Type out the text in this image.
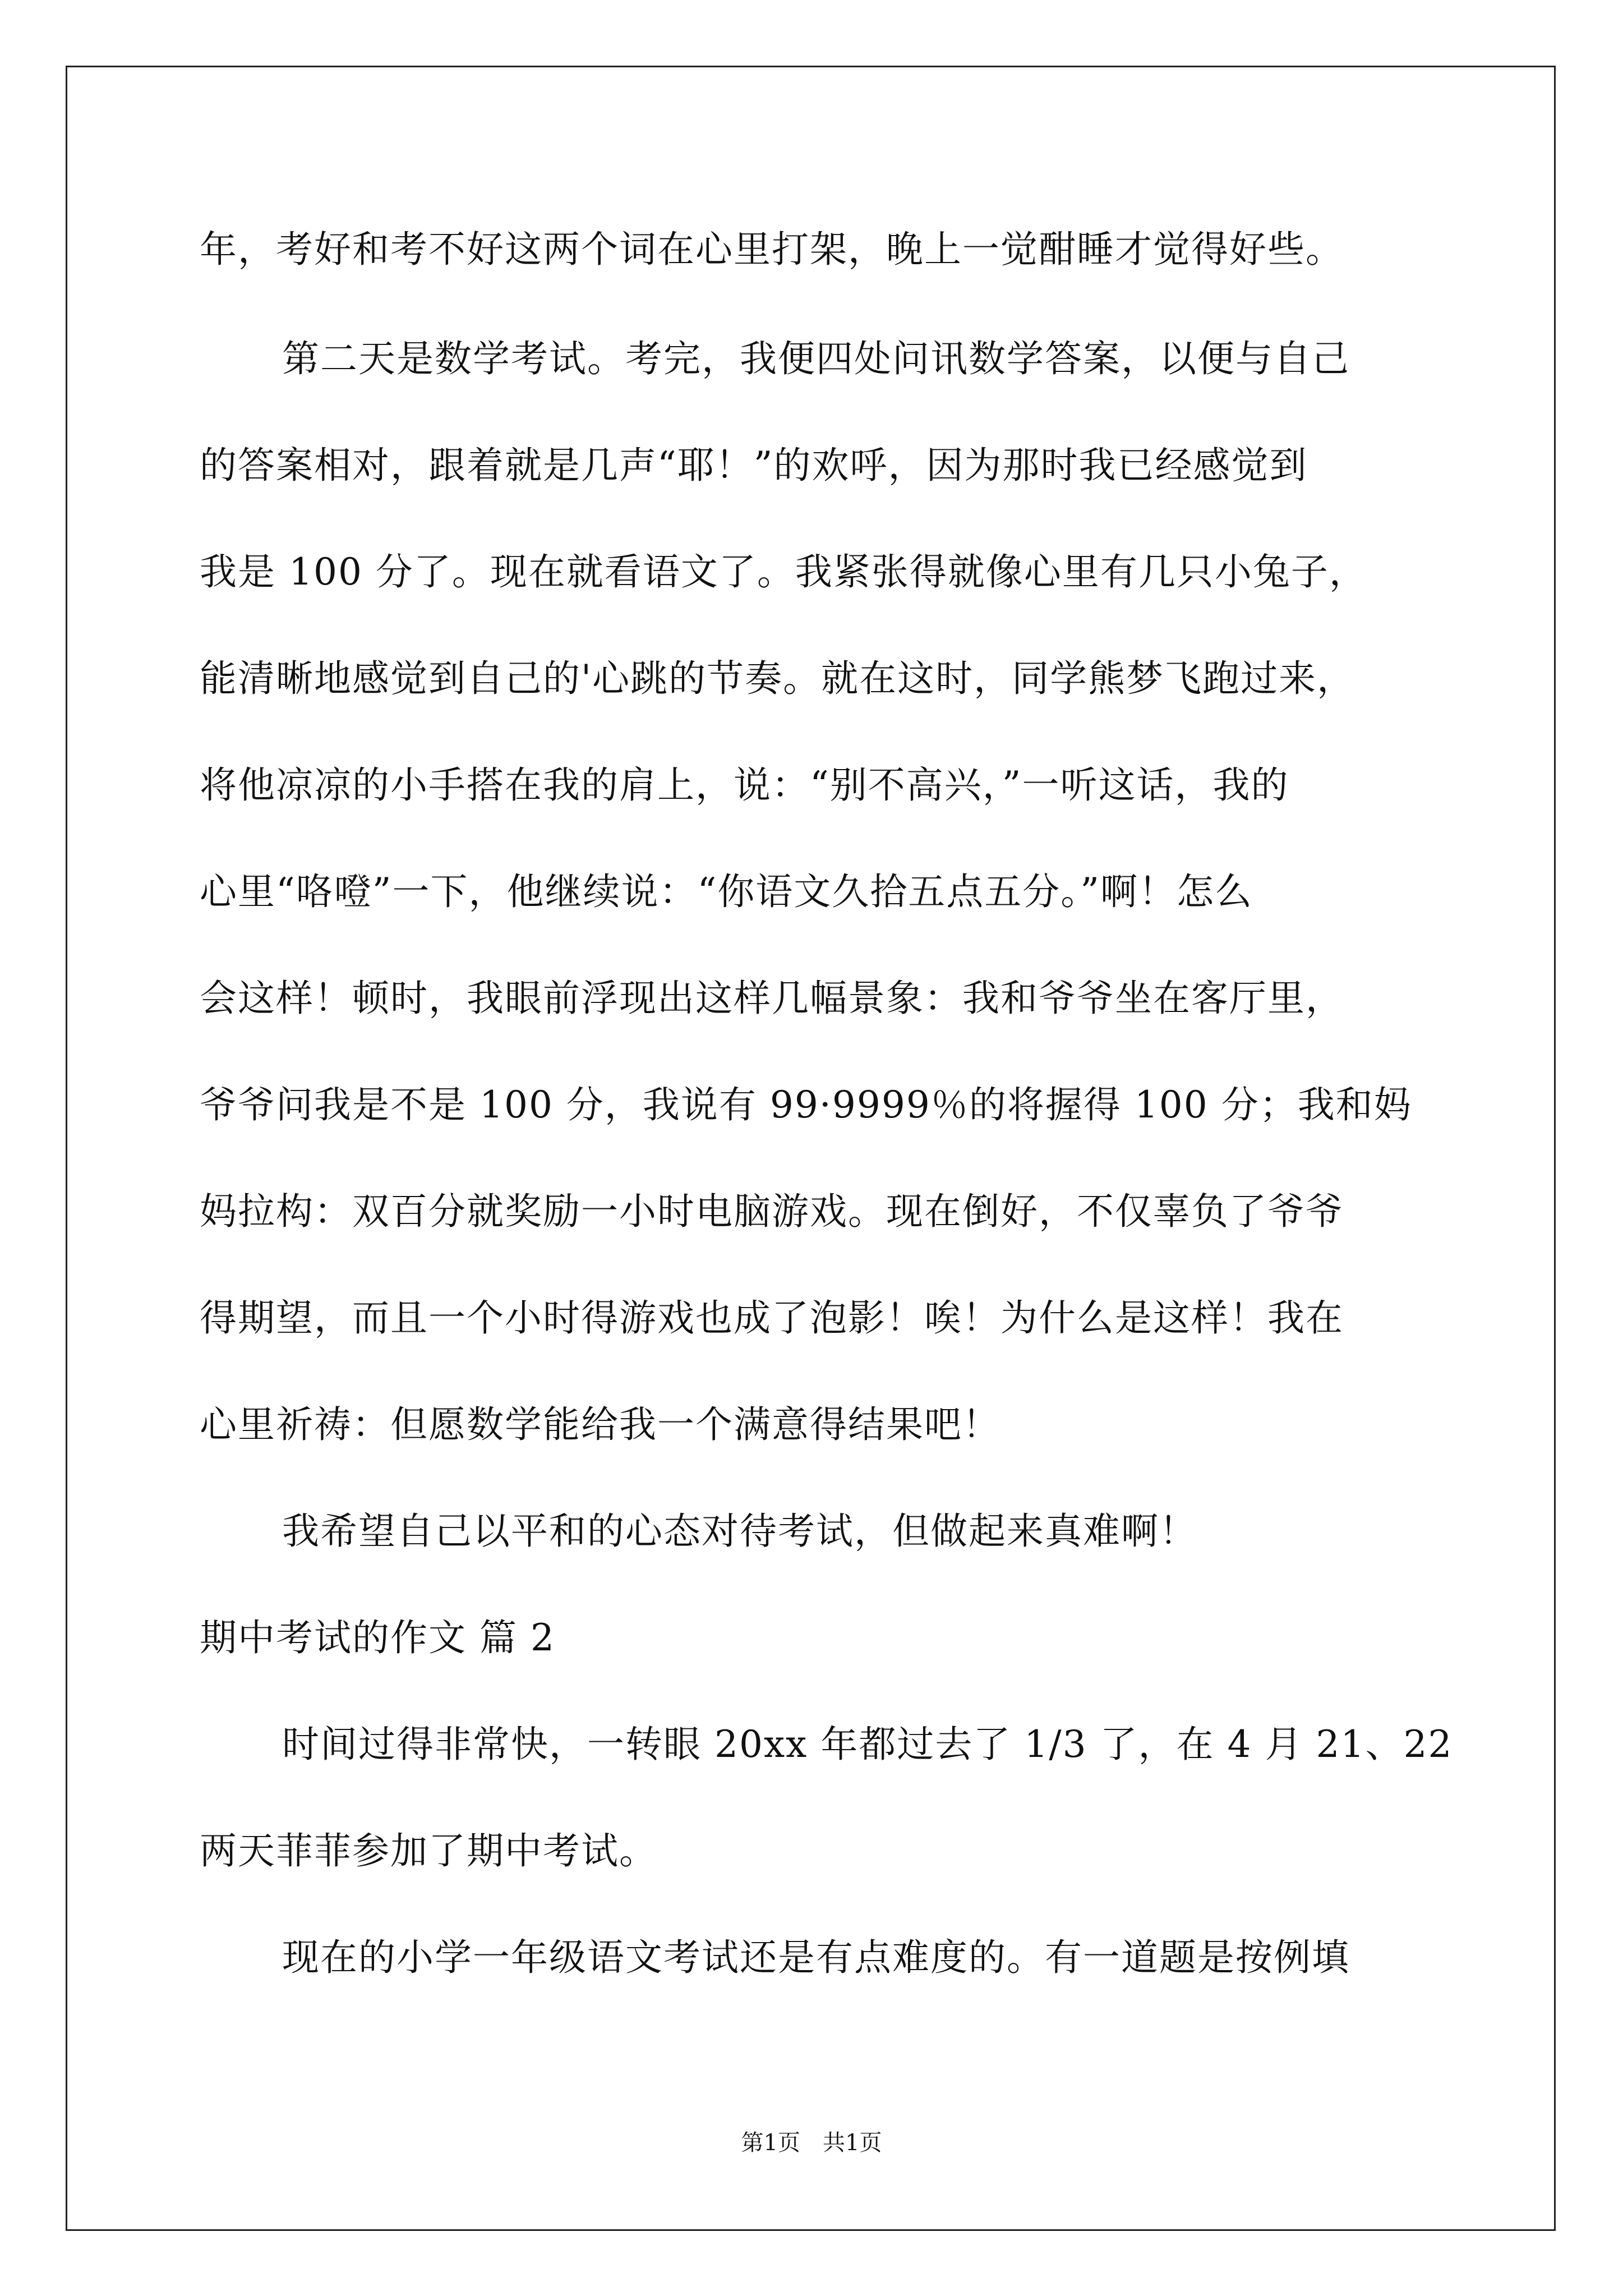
年，考好和考不好这两个词在心里打架，晚上一觉酣睡才觉得好些。
第二天是数学考试。考完，我便四处问讯数学答案，以便与自己
的答案相对，跟着就是几声“耶！”的欢呼，因为那时我已经感觉到
我是 100 分了。现在就看语文了。我紧张得就像心里有几只小兔子，
能清晰地感觉到自己的'心跳的节奏。就在这时，同学熊梦飞跑过来，
将他凉凉的小手搭在我的肩上，说：“别不高兴，”一听这话，我的
心里“咯噔”一下，他继续说：“你语文久拾五点五分。”啊！怎么
会这样！顿时，我眼前浮现出这样几幅景象：我和爷爷坐在客厅里，
爷爷问我是不是 100 分，我说有 99·9999％的将握得 100 分；我和妈
妈拉构：双百分就奖励一小时电脑游戏。现在倒好，不仅辜负了爷爷
得期望，而且一个小时得游戏也成了泡影！唉！为什么是这样！我在
心里祈祷：但愿数学能给我一个满意得结果吧！
我希望自己以平和的心态对待考试，但做起来真难啊！
期中考试的作文 篇 2
时间过得非常快，一转眼 20xx 年都过去了 1/3 了，在 4 月 21、22
两天菲菲参加了期中考试。
现在的小学一年级语文考试还是有点难度的。有一道题是按例填
第1页　共1页
